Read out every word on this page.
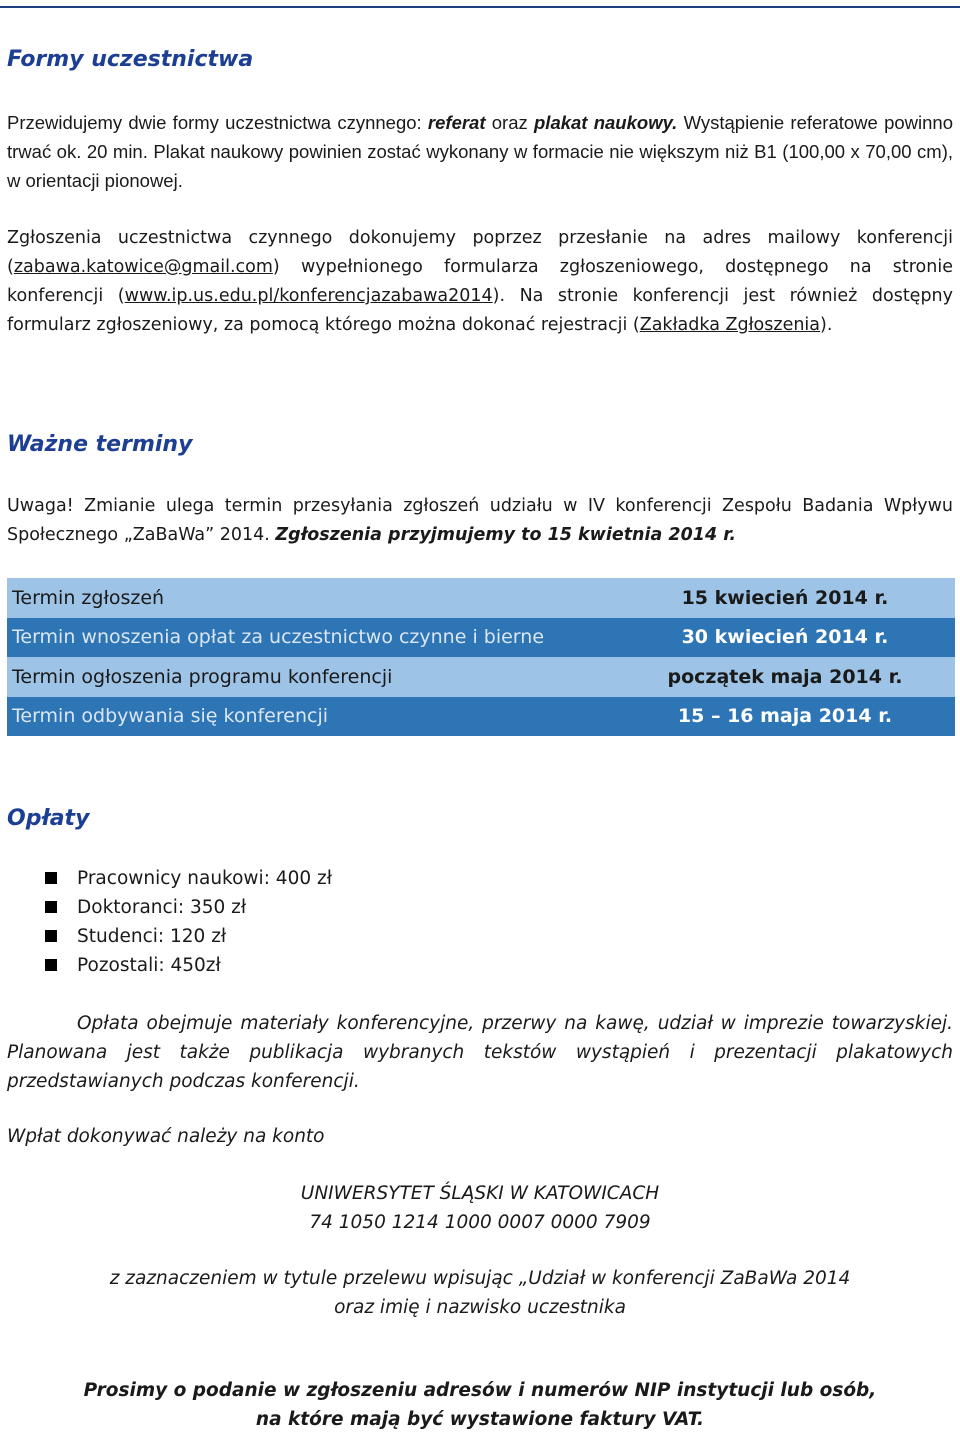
Formy uczestnictwa

Przewidujemy dwie formy uczestnictwa czynnego: referat oraz plakat naukowy. Wystąpienie referatowe powinno trwać ok. 20 min. Plakat naukowy powinien zostać wykonany w formacie nie większym niż B1 (100,00 x 70,00 cm), w orientacji pionowej.

Zgłoszenia uczestnictwa czynnego dokonujemy poprzez przesłanie na adres mailowy konferencji (zabawa.katowice@gmail.com) wypełnionego formularza zgłoszeniowego, dostępnego na stronie konferencji (www.ip.us.edu.pl/konferencjazabawa2014). Na stronie konferencji jest również dostępny formularz zgłoszeniowy, za pomocą którego można dokonać rejestracji (Zakładka Zgłoszenia).

Ważne terminy

Uwaga! Zmianie ulega termin przesyłania zgłoszeń udziału w IV konferencji Zespołu Badania Wpływu Społecznego „ZaBaWa” 2014. Zgłoszenia przyjmujemy to 15 kwietnia 2014 r.

Termin zgłoszeń	15 kwiecień 2014 r.
Termin wnoszenia opłat za uczestnictwo czynne i bierne	30 kwiecień 2014 r.
Termin ogłoszenia programu konferencji	początek maja 2014 r.
Termin odbywania się konferencji	15 – 16 maja 2014 r.
Opłaty
Pracownicy naukowi: 400 zł
Doktoranci: 350 zł
Studenci: 120 zł
Pozostali: 450zł

Opłata obejmuje materiały konferencyjne, przerwy na kawę, udział w imprezie towarzyskiej. Planowana jest także publikacja wybranych tekstów wystąpień i prezentacji plakatowych przedstawianych podczas konferencji.

Wpłat dokonywać należy na konto

UNIWERSYTET ŚLĄSKI W KATOWICACH

74 1050 1214 1000 0007 0000 7909

z zaznaczeniem w tytule przelewu wpisując „Udział w konferencji ZaBaWa 2014

oraz imię i nazwisko uczestnika

Prosimy o podanie w zgłoszeniu adresów i numerów NIP instytucji lub osób,

na które mają być wystawione faktury VAT.
